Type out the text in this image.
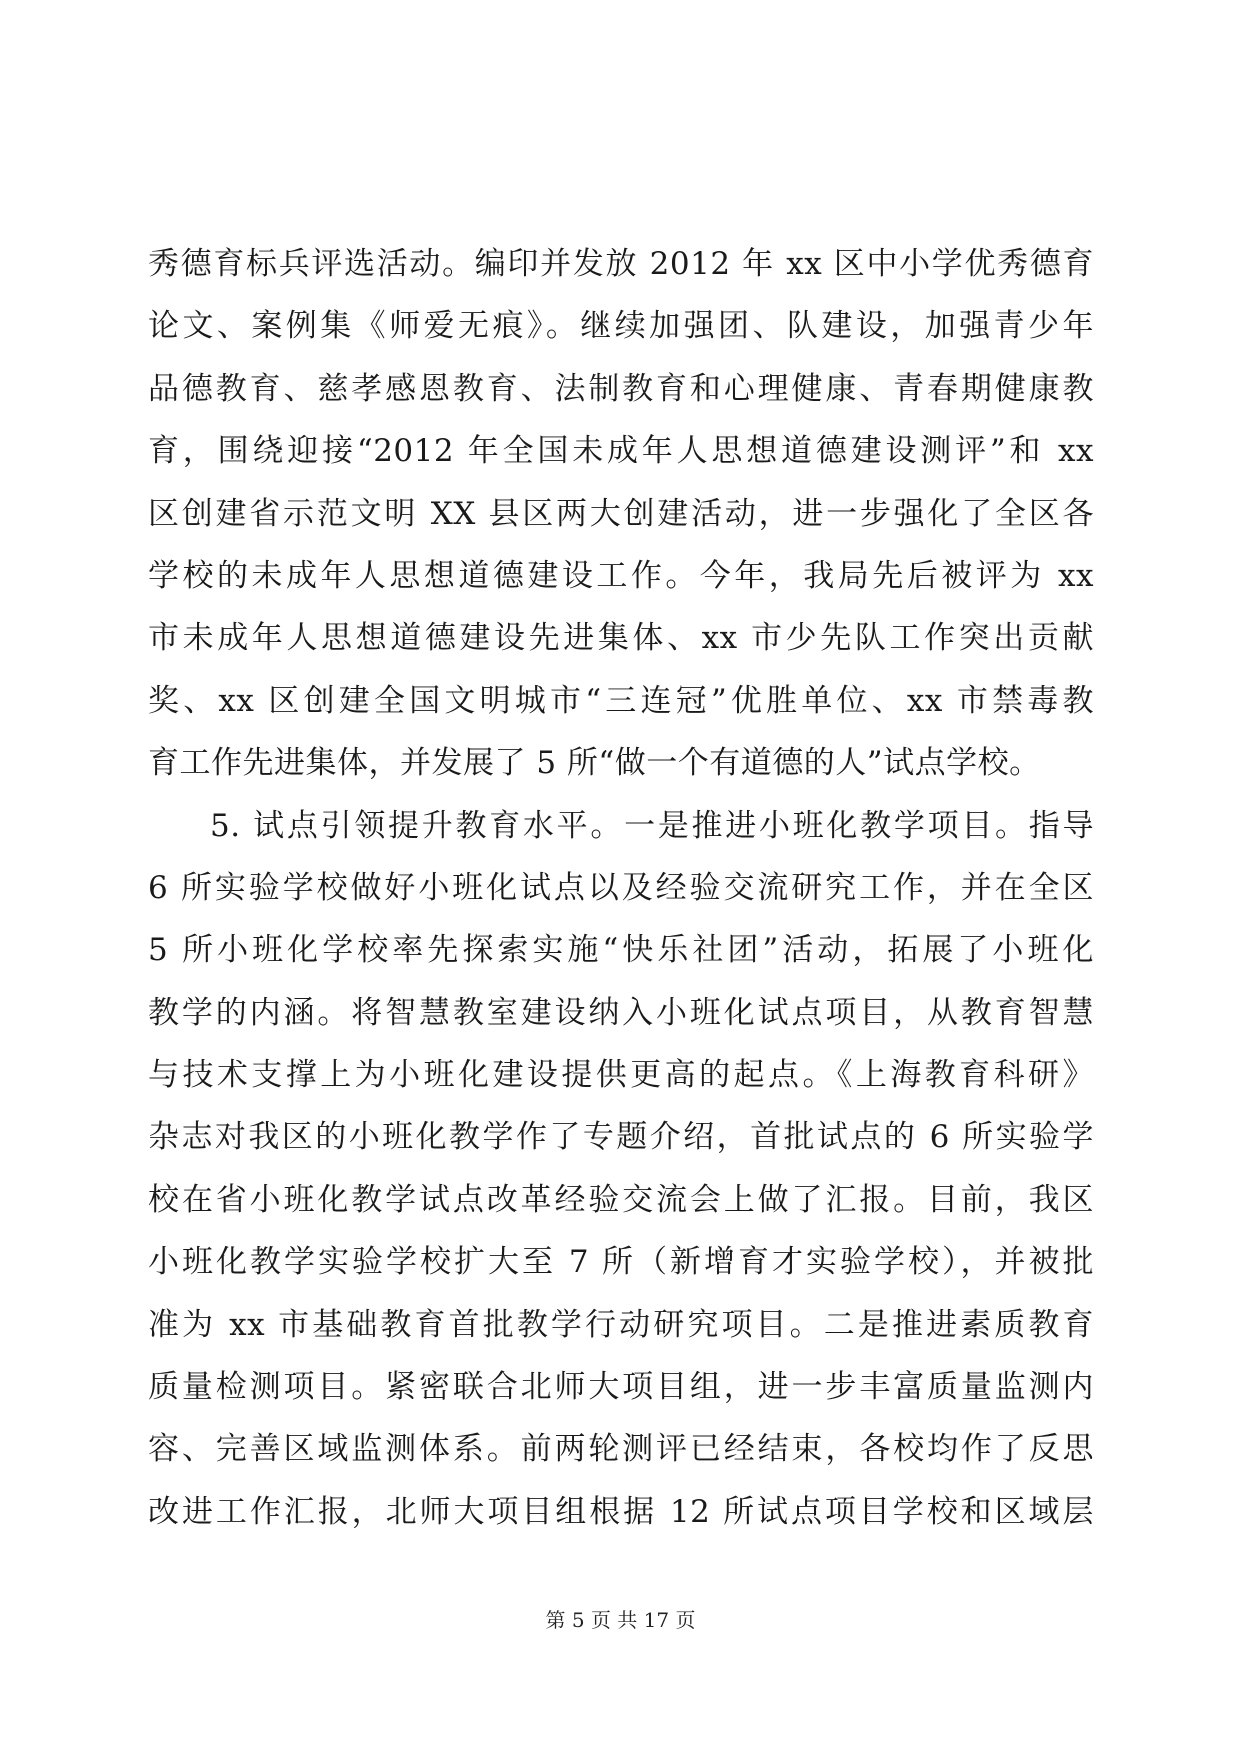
秀德育标兵评选活动。编印并发放 2012 年 xx 区中小学优秀德育
论文、案例集《师爱无痕》。继续加强团、队建设，加强青少年
品德教育、慈孝感恩教育、法制教育和心理健康、青春期健康教
育，围绕迎接“2012 年全国未成年人思想道德建设测评”和 xx
区创建省示范文明 XX 县区两大创建活动，进一步强化了全区各
学校的未成年人思想道德建设工作。今年，我局先后被评为 xx
市未成年人思想道德建设先进集体、xx 市少先队工作突出贡献
奖、xx 区创建全国文明城市“三连冠”优胜单位、xx 市禁毒教
育工作先进集体，并发展了 5 所“做一个有道德的人”试点学校。
5. 试点引领提升教育水平。一是推进小班化教学项目。指导
6 所实验学校做好小班化试点以及经验交流研究工作，并在全区
5 所小班化学校率先探索实施“快乐社团”活动，拓展了小班化
教学的内涵。将智慧教室建设纳入小班化试点项目，从教育智慧
与技术支撑上为小班化建设提供更高的起点。《上海教育科研》
杂志对我区的小班化教学作了专题介绍，首批试点的 6 所实验学
校在省小班化教学试点改革经验交流会上做了汇报。目前，我区
小班化教学实验学校扩大至 7 所（新增育才实验学校），并被批
准为 xx 市基础教育首批教学行动研究项目。二是推进素质教育
质量检测项目。紧密联合北师大项目组，进一步丰富质量监测内
容、完善区域监测体系。前两轮测评已经结束，各校均作了反思
改进工作汇报，北师大项目组根据 12 所试点项目学校和区域层
第 5 页 共 17 页
